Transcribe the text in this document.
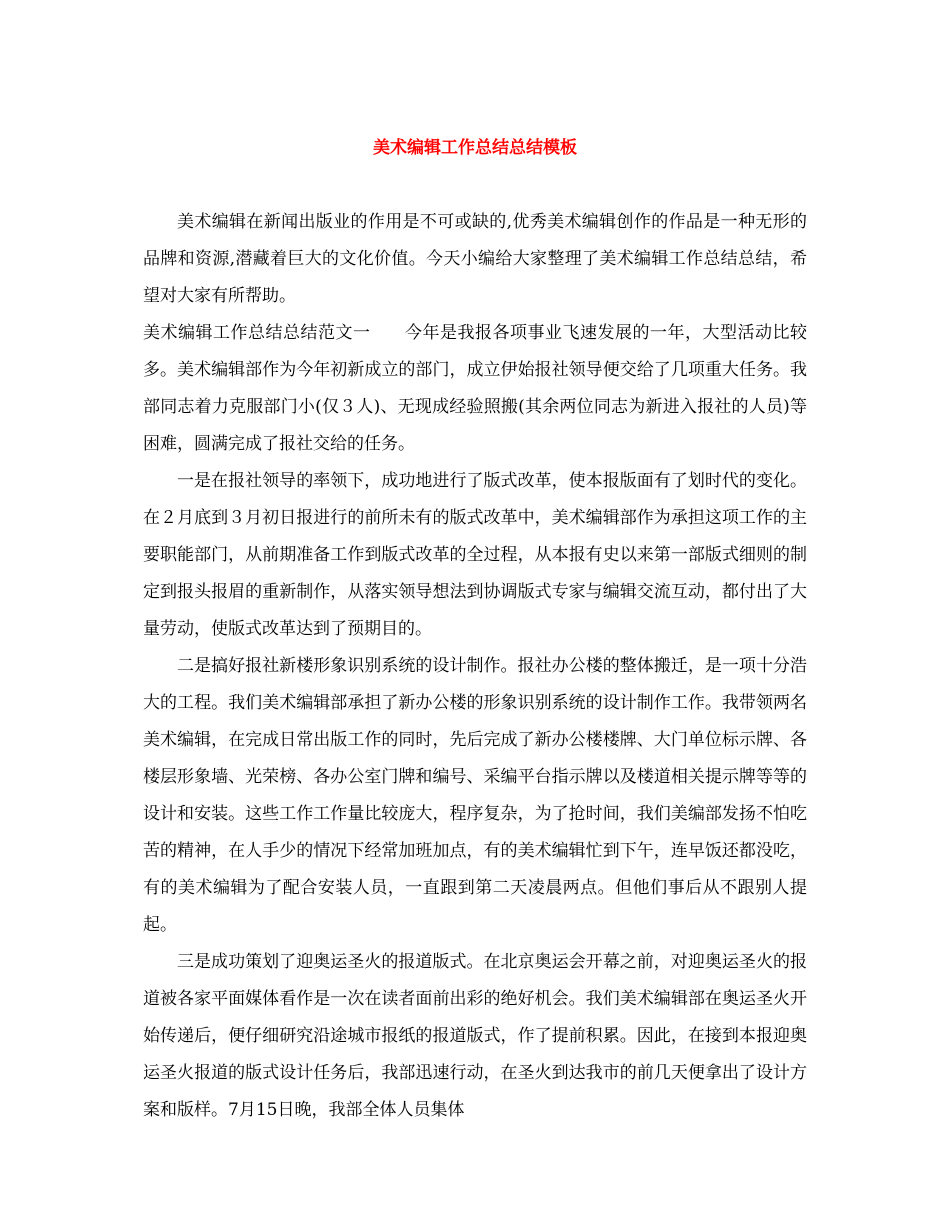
美术编辑工作总结总结模板

美术编辑在新闻出版业的作用是不可或缺的,优秀美术编辑创作的作品是一种无形的品牌和资源,潜藏着巨大的文化价值。今天小编给大家整理了美术编辑工作总结总结，希望对大家有所帮助。

美术编辑工作总结总结范文一 今年是我报各项事业飞速发展的一年，大型活动比较多。美术编辑部作为今年初新成立的部门，成立伊始报社领导便交给了几项重大任务。我部同志着力克服部门小(仅３人)、无现成经验照搬(其余两位同志为新进入报社的人员)等困难，圆满完成了报社交给的任务。

一是在报社领导的率领下，成功地进行了版式改革，使本报版面有了划时代的变化。在２月底到３月初日报进行的前所未有的版式改革中，美术编辑部作为承担这项工作的主要职能部门，从前期准备工作到版式改革的全过程，从本报有史以来第一部版式细则的制定到报头报眉的重新制作，从落实领导想法到协调版式专家与编辑交流互动，都付出了大量劳动，使版式改革达到了预期目的。

二是搞好报社新楼形象识别系统的设计制作。报社办公楼的整体搬迁，是一项十分浩大的工程。我们美术编辑部承担了新办公楼的形象识别系统的设计制作工作。我带领两名美术编辑，在完成日常出版工作的同时，先后完成了新办公楼楼牌、大门单位标示牌、各楼层形象墙、光荣榜、各办公室门牌和编号、采编平台指示牌以及楼道相关提示牌等等的设计和安装。这些工作工作量比较庞大，程序复杂，为了抢时间，我们美编部发扬不怕吃苦的精神，在人手少的情况下经常加班加点，有的美术编辑忙到下午，连早饭还都没吃，有的美术编辑为了配合安装人员，一直跟到第二天凌晨两点。但他们事后从不跟别人提起。

三是成功策划了迎奥运圣火的报道版式。在北京奥运会开幕之前，对迎奥运圣火的报道被各家平面媒体看作是一次在读者面前出彩的绝好机会。我们美术编辑部在奥运圣火开始传递后，便仔细研究沿途城市报纸的报道版式，作了提前积累。因此，在接到本报迎奥运圣火报道的版式设计任务后，我部迅速行动，在圣火到达我市的前几天便拿出了设计方案和版样。7月15日晚，我部全体人员集体
